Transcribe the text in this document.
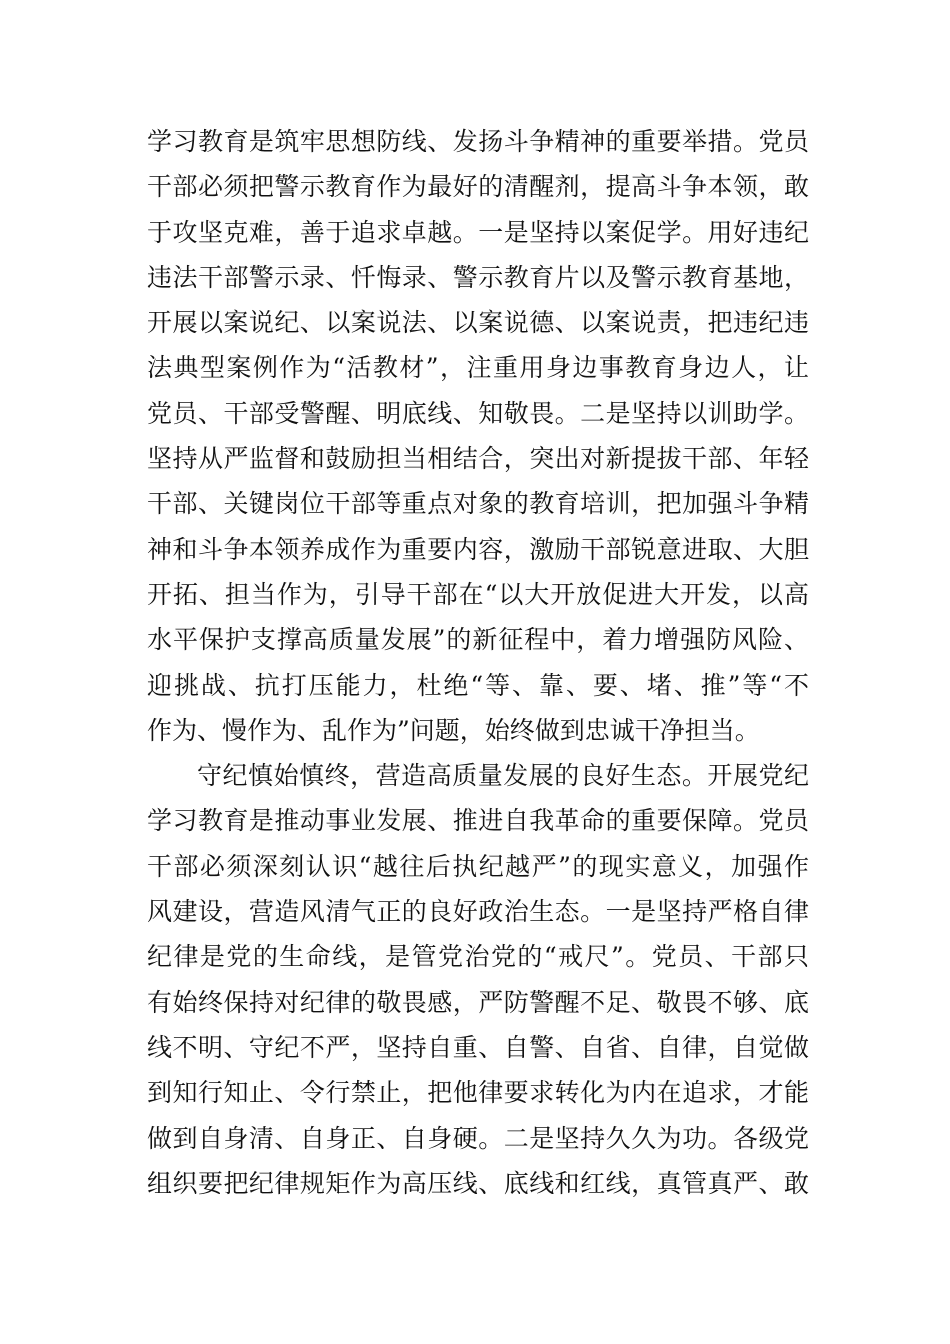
学习教育是筑牢思想防线、发扬斗争精神的重要举措。党员
干部必须把警示教育作为最好的清醒剂，提高斗争本领，敢
于攻坚克难，善于追求卓越。一是坚持以案促学。用好违纪
违法干部警示录、忏悔录、警示教育片以及警示教育基地，
开展以案说纪、以案说法、以案说德、以案说责，把违纪违
法典型案例作为“活教材”，注重用身边事教育身边人，让
党员、干部受警醒、明底线、知敬畏。二是坚持以训助学。
坚持从严监督和鼓励担当相结合，突出对新提拔干部、年轻
干部、关键岗位干部等重点对象的教育培训，把加强斗争精
神和斗争本领养成作为重要内容，激励干部锐意进取、大胆
开拓、担当作为，引导干部在“以大开放促进大开发，以高
水平保护支撑高质量发展”的新征程中，着力增强防风险、
迎挑战、抗打压能力，杜绝“等、靠、要、堵、推”等“不
作为、慢作为、乱作为”问题，始终做到忠诚干净担当。
守纪慎始慎终，营造高质量发展的良好生态。开展党纪
学习教育是推动事业发展、推进自我革命的重要保障。党员
干部必须深刻认识“越往后执纪越严”的现实意义，加强作
风建设，营造风清气正的良好政治生态。一是坚持严格自律
纪律是党的生命线，是管党治党的“戒尺”。党员、干部只
有始终保持对纪律的敬畏感，严防警醒不足、敬畏不够、底
线不明、守纪不严，坚持自重、自警、自省、自律，自觉做
到知行知止、令行禁止，把他律要求转化为内在追求，才能
做到自身清、自身正、自身硬。二是坚持久久为功。各级党
组织要把纪律规矩作为高压线、底线和红线，真管真严、敢
